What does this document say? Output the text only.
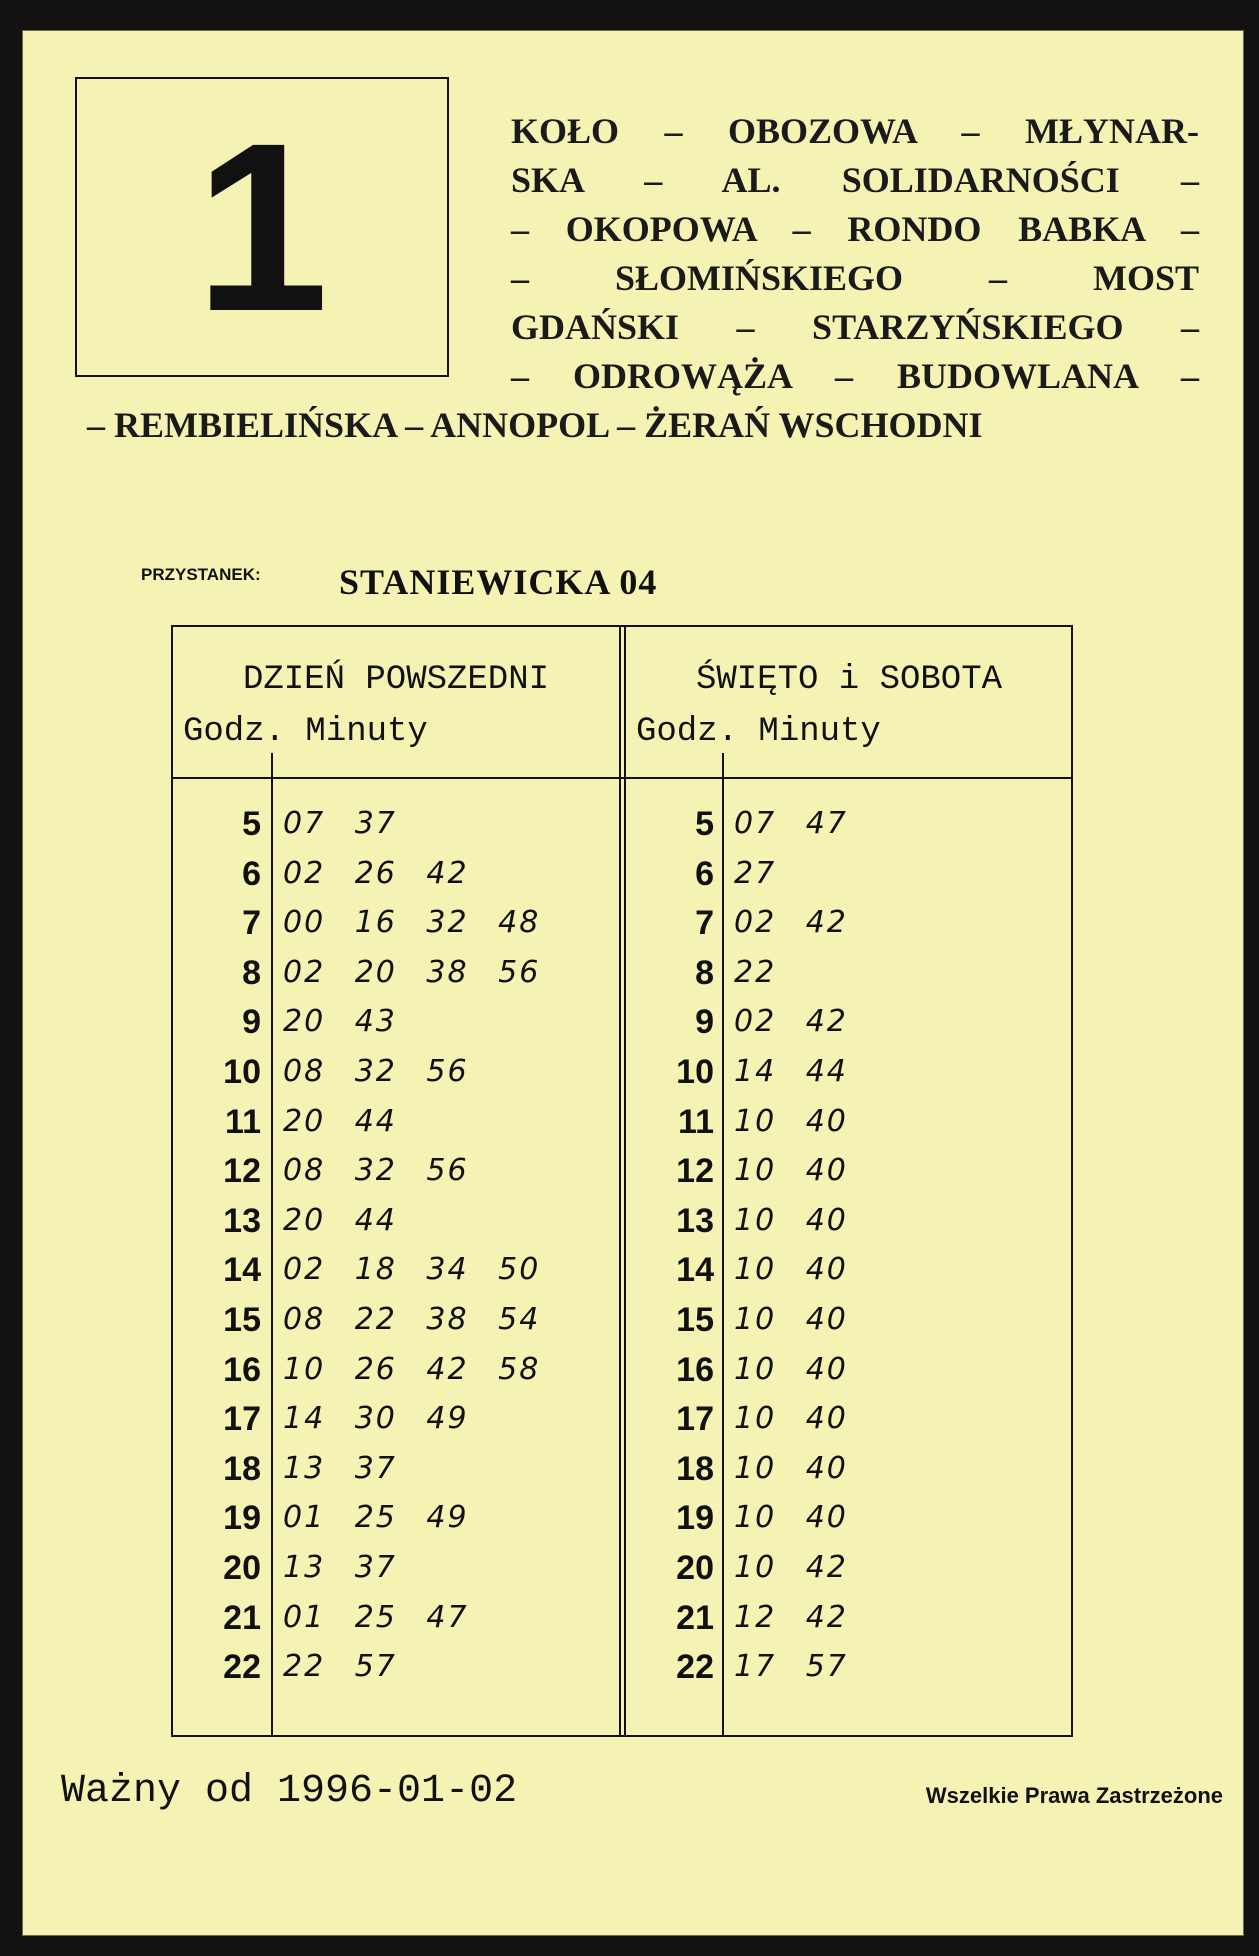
1	KOŁO – OBOZOWA – MŁYNAR-
SKA – AL. SOLIDARNOŚCI –
– OKOPOWA – RONDO BABKA –
– SŁOMIŃSKIEGO – MOST
GDAŃSKI – STARZYŃSKIEGO –
– ODROWĄŻA – BUDOWLANA –
– REMBIELIŃSKA – ANNOPOL – ŻERAŃ WSCHODNI
PRZYSTANEK: STANIEWICKA 04
DZIEŃ POWSZEDNI
Godz. Minuty
ŚWIĘTO i SOBOTA
Godz. Minuty
5 07 37
6 02 26 42
7 00 16 32 48
8 02 20 38 56
9 20 43
10 08 32 56
11 20 44
12 08 32 56
13 20 44
14 02 18 34 50
15 08 22 38 54
16 10 26 42 58
17 14 30 49
18 13 37
19 01 25 49
20 13 37
21 01 25 47
22 22 57
5 07 47
6 27
7 02 42
8 22
9 02 42
10 14 44
11 10 40
12 10 40
13 10 40
14 10 40
15 10 40
16 10 40
17 10 40
18 10 40
19 10 40
20 10 42
21 12 42
22 17 57
Ważny od 1996-01-02	Wszelkie Prawa Zastrzeżone
